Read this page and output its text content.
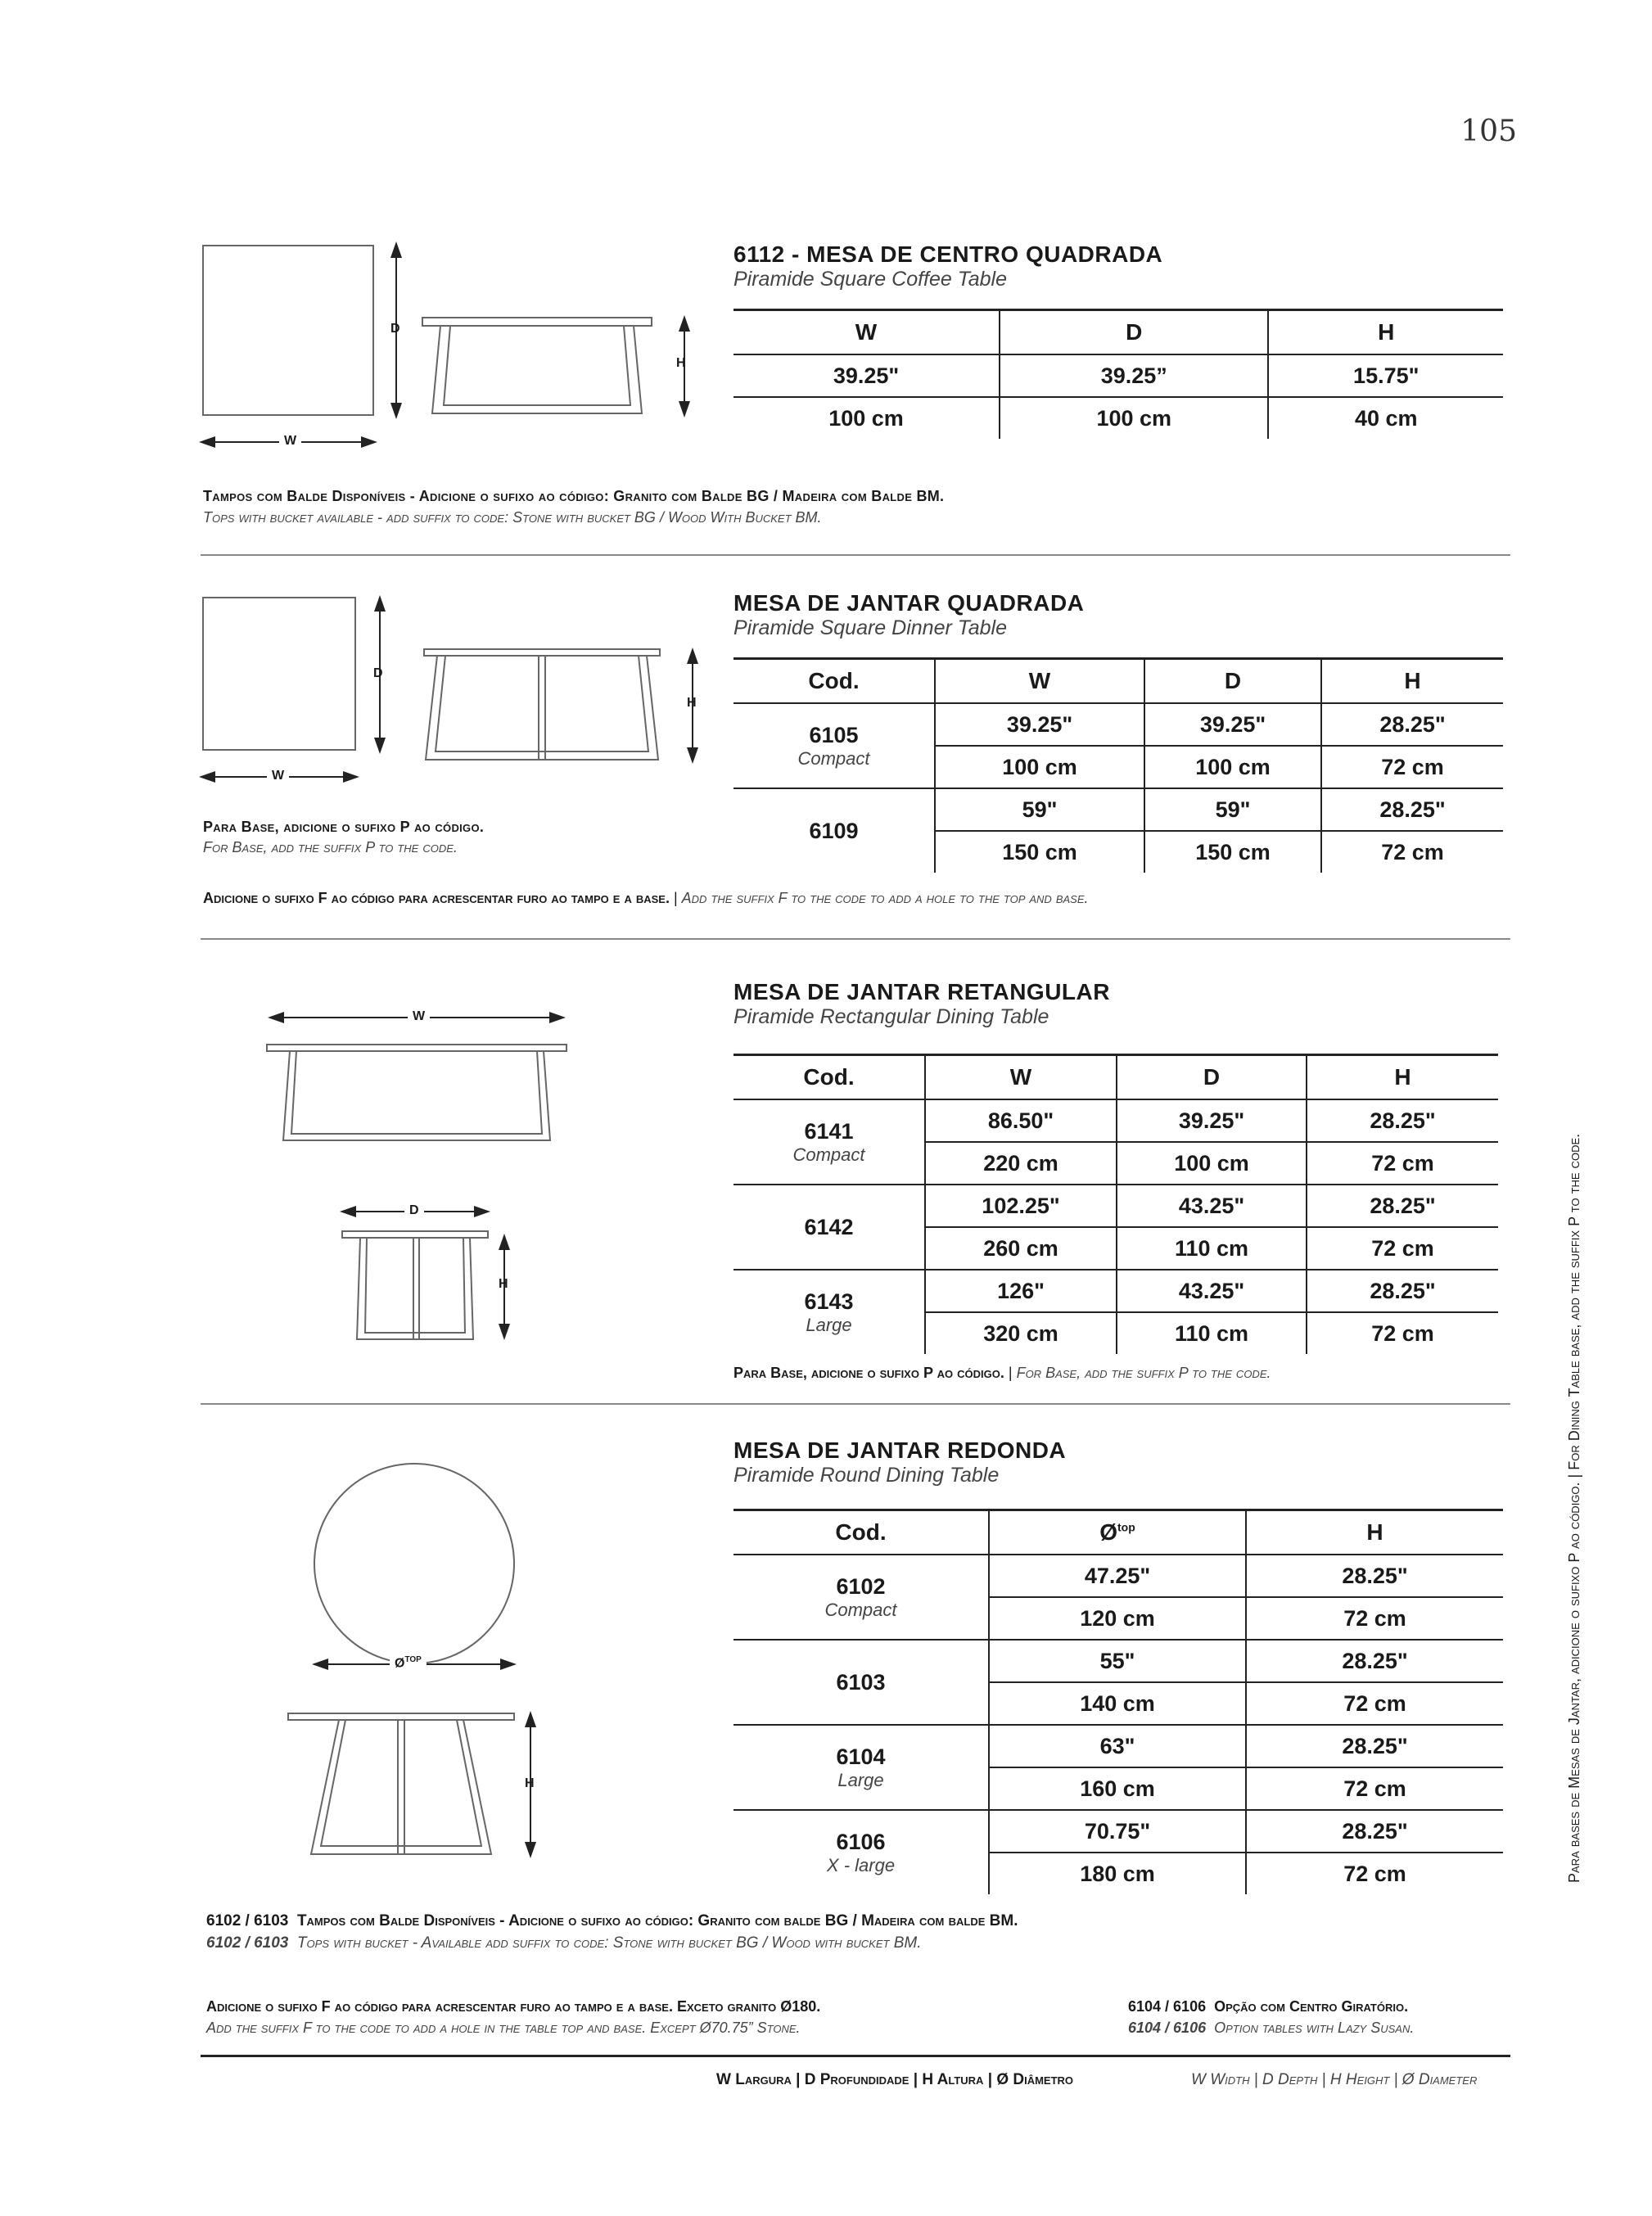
105
D
H
W
6112 - MESA DE CENTRO QUADRADA
Piramide Square Coffee Table
W	D	H
39.25"	39.25”	15.75"
100 cm	100 cm	40 cm
Tampos com Balde Disponíveis - Adicione o sufixo ao código: Granito com Balde BG / Madeira com Balde BM.
Tops with bucket available - add suffix to code: Stone with bucket BG / Wood With Bucket BM.
D
H
W
MESA DE JANTAR QUADRADA
Piramide Square Dinner Table
Cod.	W	D	H

6105
Compact	39.25"	39.25"	28.25"
	100 cm	100 cm	72 cm

6109	59"	59"	28.25"
	150 cm	150 cm	72 cm
Para Base, adicione o sufixo P ao código.
For Base, add the suffix P to the code.
Adicione o sufixo F ao código para acrescentar furo ao tampo e a base. | Add the suffix F to the code to add a hole to the top and base.
W
D
H
MESA DE JANTAR RETANGULAR
Piramide Rectangular Dining Table
Cod.	W	D	H

6141
Compact	86.50"	39.25"	28.25"
	220 cm	100 cm	72 cm

6142	102.25"	43.25"	28.25"
	260 cm	110 cm	72 cm

6143
Large	126"	43.25"	28.25"
	320 cm	110 cm	72 cm
Para Base, adicione o sufixo P ao código. | For Base, add the suffix P to the code.
$Ø^{TOP}$
H
MESA DE JANTAR REDONDA
Piramide Round Dining Table
Cod.	$Ø^{top}$	H

6102
Compact	47.25"	28.25"
	120 cm	72 cm

6103	55"	28.25"
	140 cm	72 cm

6104
Large	63"	28.25"
	160 cm	72 cm

6106
X - large	70.75"	28.25"
	180 cm	72 cm
6102 / 6103 Tampos com Balde Disponíveis - Adicione o sufixo ao código: Granito com balde BG / Madeira com balde BM.
6102 / 6103 Tops with bucket - Available add suffix to code: Stone with bucket BG / Wood with bucket BM.
Adicione o sufixo F ao código para acrescentar furo ao tampo e a base. Exceto granito Ø180.
Add the suffix F to the code to add a hole in the table top and base. Except Ø70.75” Stone.
6104 / 6106 Opção com Centro Giratório.
6104 / 6106 Option tables with Lazy Susan.
W Largura | D Profundidade | H Altura | Ø Diâmetro	W Width | D Depth | H Height | Ø Diameter
Para bases de Mesas de Jantar, adicione o sufixo P ao código. | For Dining Table base, add the suffix P to the code.
